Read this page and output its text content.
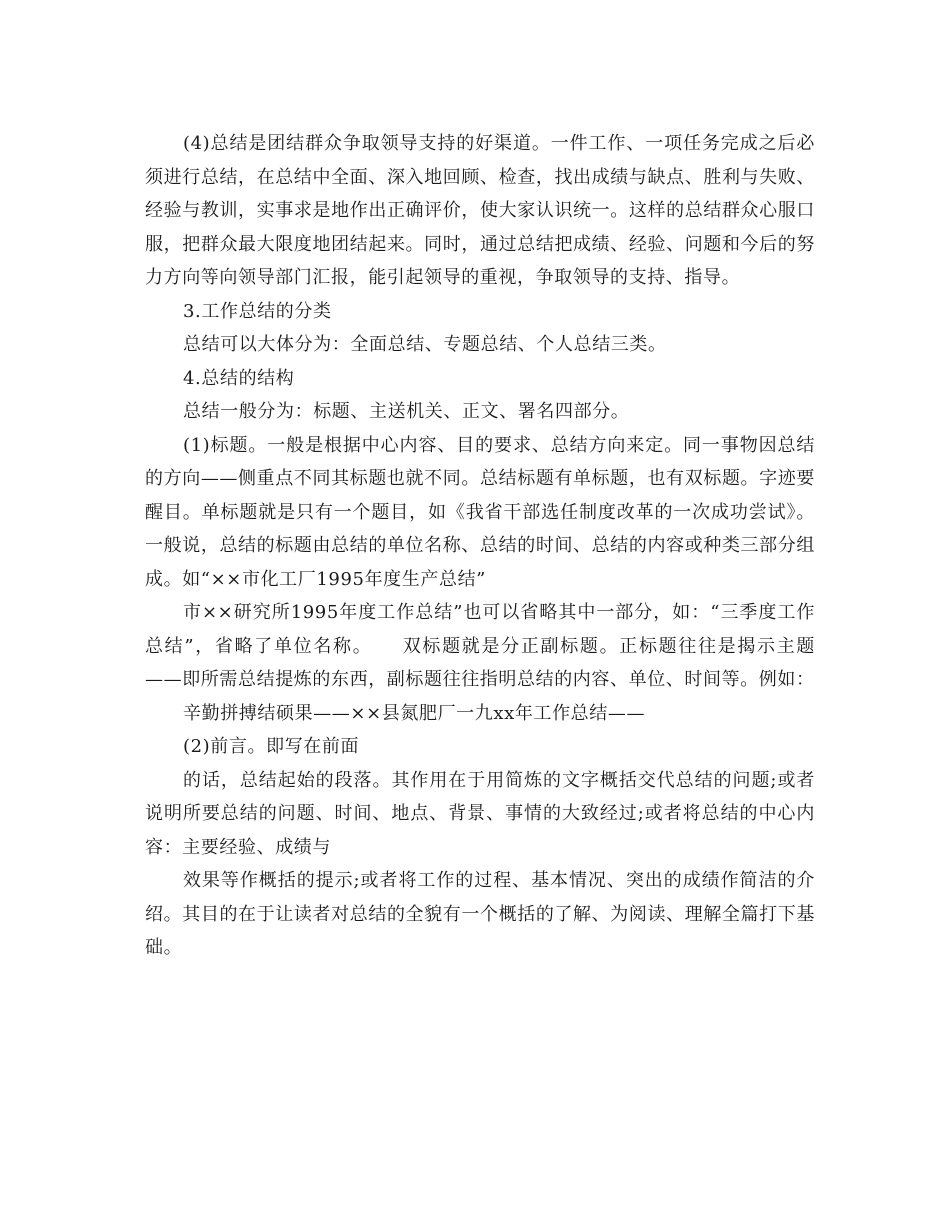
(4)总结是团结群众争取领导支持的好渠道。一件工作、一项任务完成之后必须进行总结，在总结中全面、深入地回顾、检查，找出成绩与缺点、胜利与失败、经验与教训，实事求是地作出正确评价，使大家认识统一。这样的总结群众心服口服，把群众最大限度地团结起来。同时，通过总结把成绩、经验、问题和今后的努力方向等向领导部门汇报，能引起领导的重视，争取领导的支持、指导。

3.工作总结的分类

总结可以大体分为：全面总结、专题总结、个人总结三类。

4.总结的结构

总结一般分为：标题、主送机关、正文、署名四部分。

(1)标题。一般是根据中心内容、目的要求、总结方向来定。同一事物因总结的方向——侧重点不同其标题也就不同。总结标题有单标题，也有双标题。字迹要醒目。单标题就是只有一个题目，如《我省干部选任制度改革的一次成功尝试》。一般说，总结的标题由总结的单位名称、总结的时间、总结的内容或种类三部分组成。如“××市化工厂1995年度生产总结”

市××研究所1995年度工作总结”也可以省略其中一部分，如：“三季度工作总结”，省略了单位名称。　　双标题就是分正副标题。正标题往往是揭示主题——即所需总结提炼的东西，副标题往往指明总结的内容、单位、时间等。例如：

辛勤拼搏结硕果——××县氮肥厂一九xx年工作总结——

(2)前言。即写在前面

的话，总结起始的段落。其作用在于用简炼的文字概括交代总结的问题;或者说明所要总结的问题、时间、地点、背景、事情的大致经过;或者将总结的中心内容：主要经验、成绩与

效果等作概括的提示;或者将工作的过程、基本情况、突出的成绩作简洁的介绍。其目的在于让读者对总结的全貌有一个概括的了解、为阅读、理解全篇打下基础。
